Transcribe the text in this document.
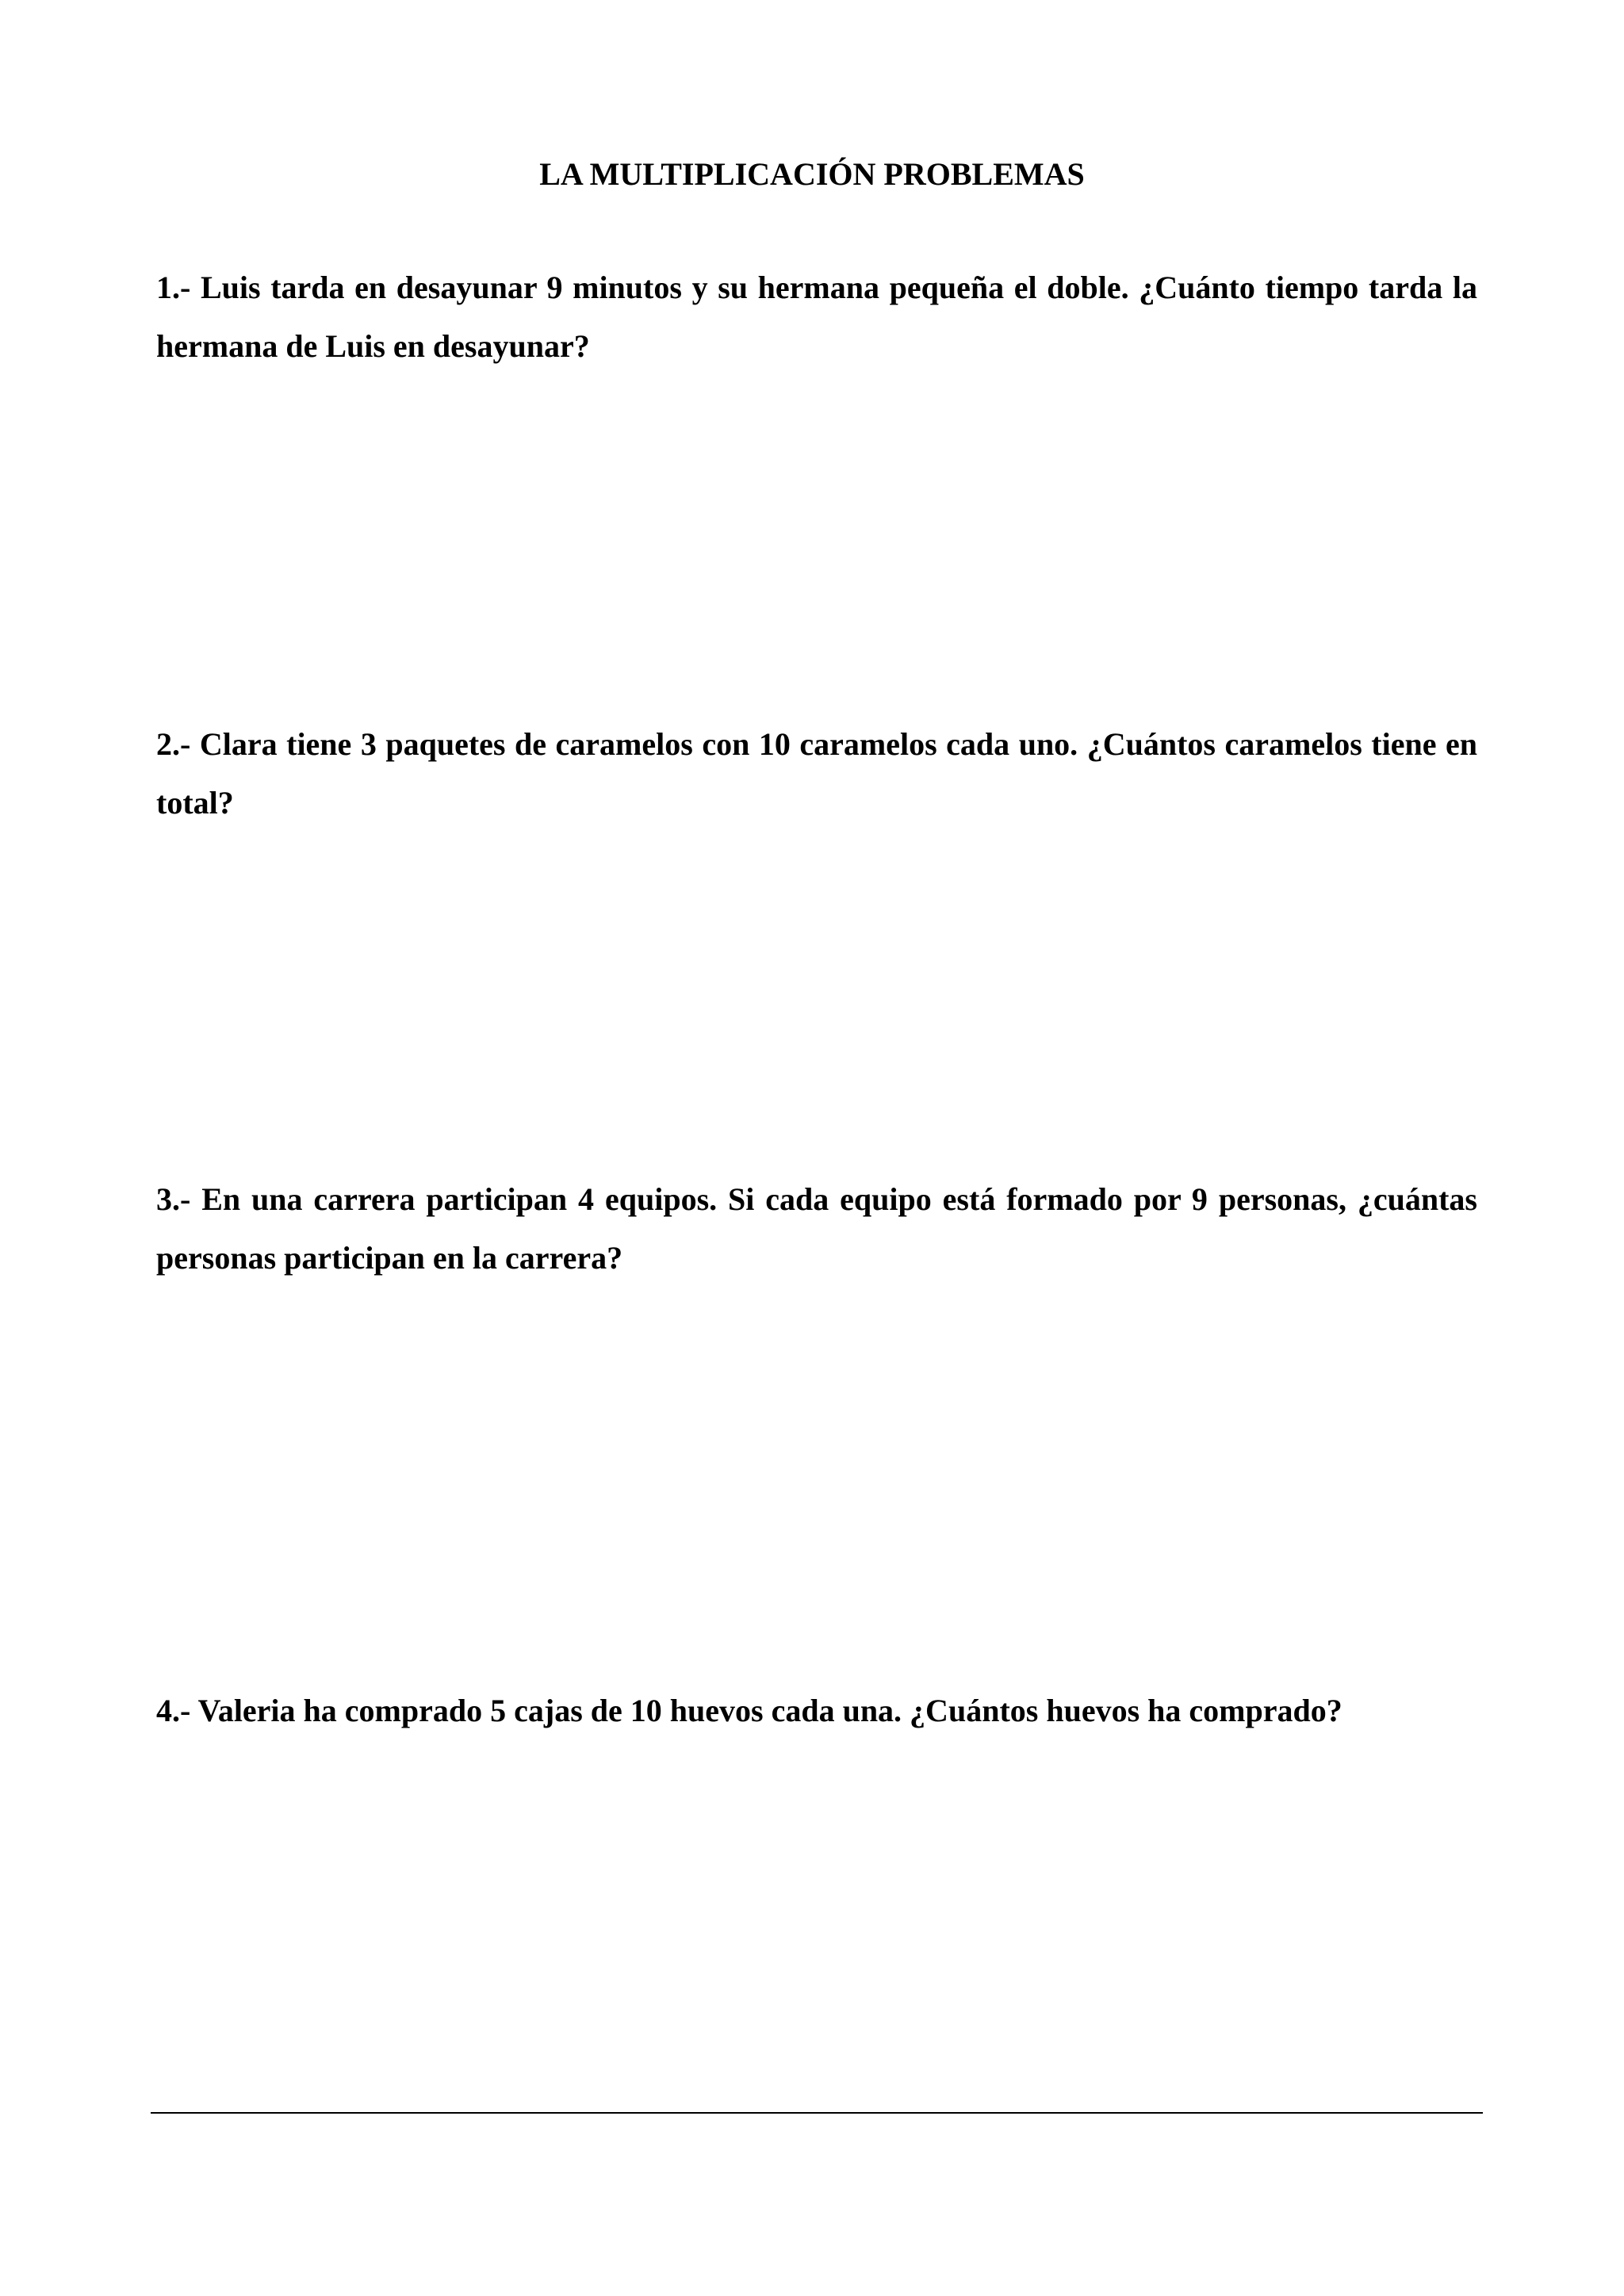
LA MULTIPLICACIÓN PROBLEMAS

1.- Luis tarda en desayunar 9 minutos y su hermana pequeña el doble. ¿Cuánto tiempo tarda la hermana de Luis en desayunar?

2.- Clara tiene 3 paquetes de caramelos con 10 caramelos cada uno. ¿Cuántos caramelos tiene en total?

3.- En una carrera participan 4 equipos. Si cada equipo está formado por 9 personas, ¿cuántas personas participan en la carrera?

4.- Valeria ha comprado 5 cajas de 10 huevos cada una. ¿Cuántos huevos ha comprado?
